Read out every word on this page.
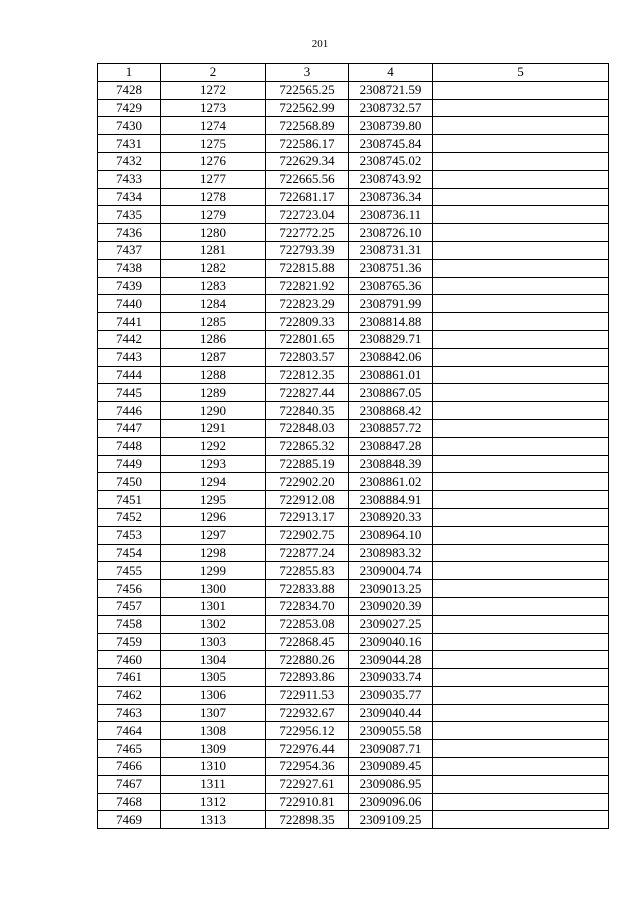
201
1	2	3	4	5
7428	1272	722565.25	2308721.59	
7429	1273	722562.99	2308732.57	
7430	1274	722568.89	2308739.80	
7431	1275	722586.17	2308745.84	
7432	1276	722629.34	2308745.02	
7433	1277	722665.56	2308743.92	
7434	1278	722681.17	2308736.34	
7435	1279	722723.04	2308736.11	
7436	1280	722772.25	2308726.10	
7437	1281	722793.39	2308731.31	
7438	1282	722815.88	2308751.36	
7439	1283	722821.92	2308765.36	
7440	1284	722823.29	2308791.99	
7441	1285	722809.33	2308814.88	
7442	1286	722801.65	2308829.71	
7443	1287	722803.57	2308842.06	
7444	1288	722812.35	2308861.01	
7445	1289	722827.44	2308867.05	
7446	1290	722840.35	2308868.42	
7447	1291	722848.03	2308857.72	
7448	1292	722865.32	2308847.28	
7449	1293	722885.19	2308848.39	
7450	1294	722902.20	2308861.02	
7451	1295	722912.08	2308884.91	
7452	1296	722913.17	2308920.33	
7453	1297	722902.75	2308964.10	
7454	1298	722877.24	2308983.32	
7455	1299	722855.83	2309004.74	
7456	1300	722833.88	2309013.25	
7457	1301	722834.70	2309020.39	
7458	1302	722853.08	2309027.25	
7459	1303	722868.45	2309040.16	
7460	1304	722880.26	2309044.28	
7461	1305	722893.86	2309033.74	
7462	1306	722911.53	2309035.77	
7463	1307	722932.67	2309040.44	
7464	1308	722956.12	2309055.58	
7465	1309	722976.44	2309087.71	
7466	1310	722954.36	2309089.45	
7467	1311	722927.61	2309086.95	
7468	1312	722910.81	2309096.06	
7469	1313	722898.35	2309109.25	
